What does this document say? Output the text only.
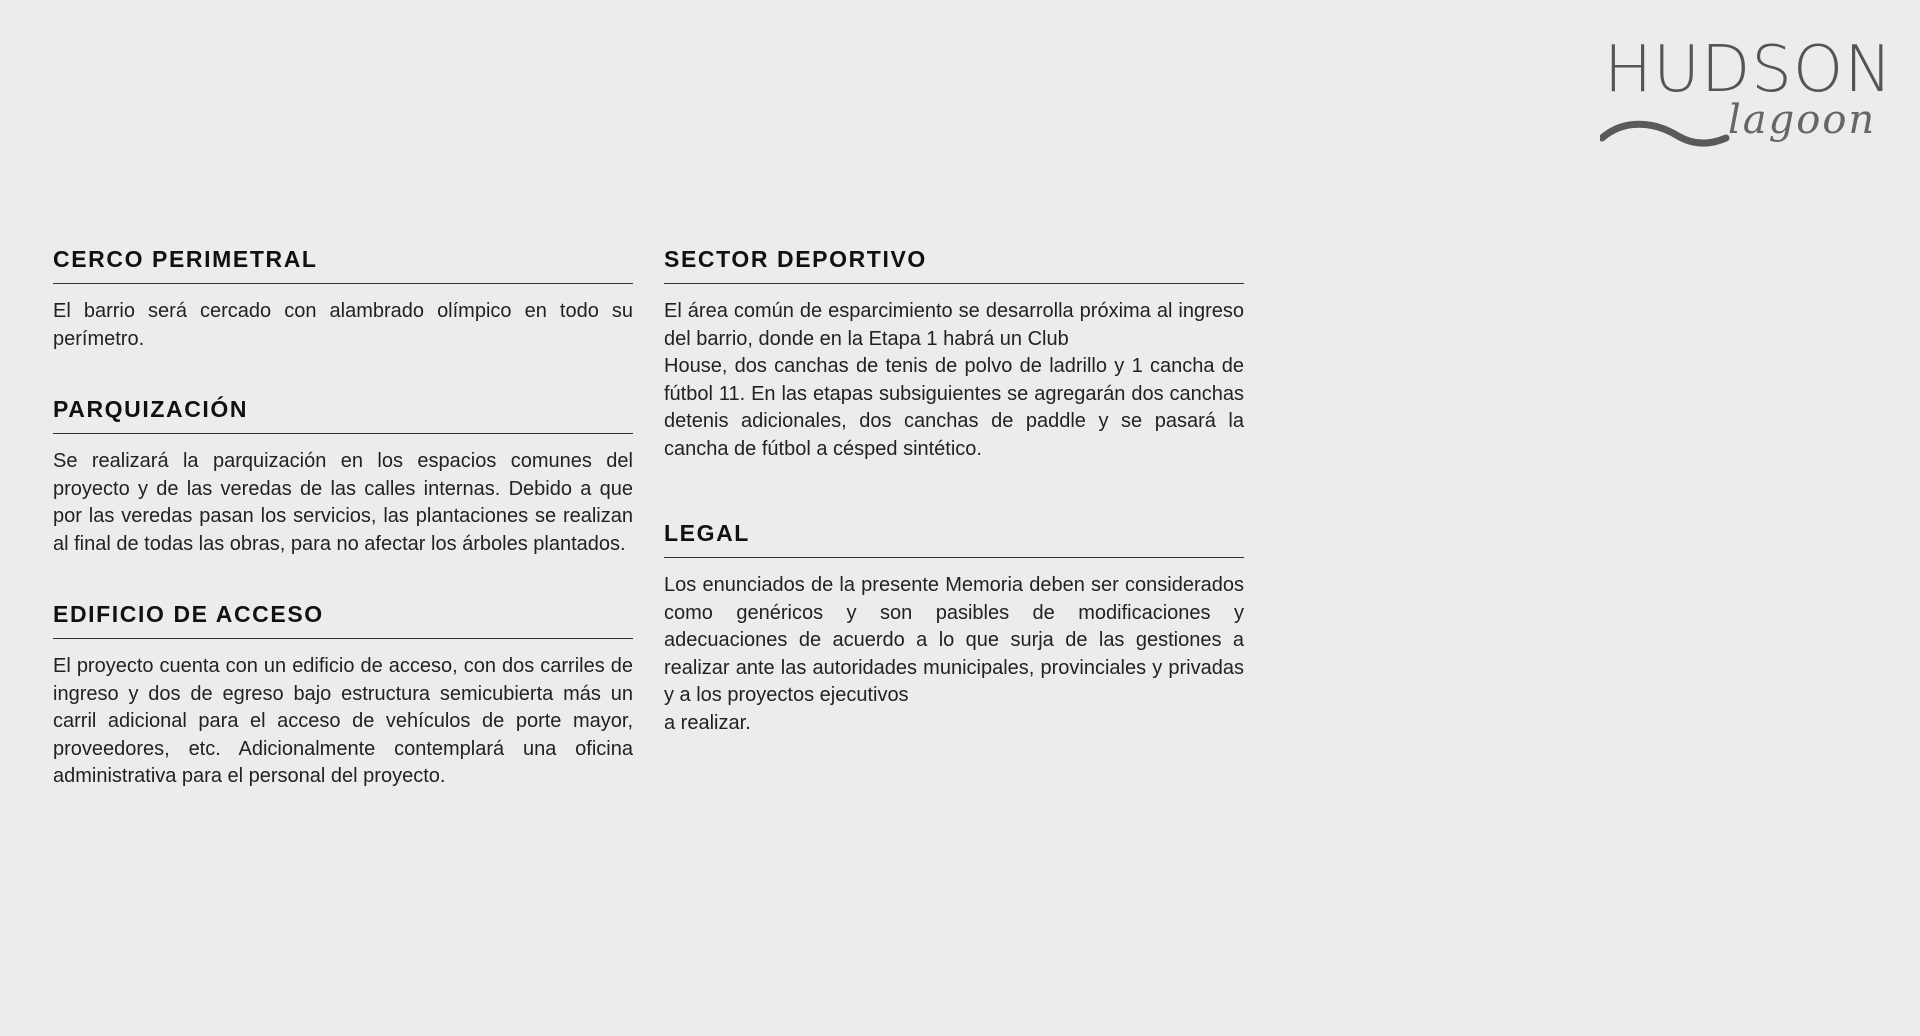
HUDSON
lagoon
CERCO PERIMETRAL

El barrio será cercado con alambrado olímpico en todo su perímetro.

PARQUIZACIÓN

Se realizará la parquización en los espacios comunes del proyecto y de las veredas de las calles internas. Debido a que por las veredas pasan los servicios, las plantaciones se realizan al final de todas las obras, para no afectar los árboles plantados.

EDIFICIO DE ACCESO

El proyecto cuenta con un edificio de acceso, con dos carriles de ingreso y dos de egreso bajo estructura semicubierta más un carril adicional para el acceso de vehículos de porte mayor, proveedores, etc. Adicionalmente contemplará una oficina administrativa para el personal del proyecto.

SECTOR DEPORTIVO

El área común de esparcimiento se desarrolla próxima al ingreso del barrio, donde en la Etapa 1 habrá un Club
House, dos canchas de tenis de polvo de ladrillo y 1 cancha de fútbol 11. En las etapas subsiguientes se agregarán dos canchas detenis adicionales, dos canchas de paddle y se pasará la cancha de fútbol a césped sintético.

LEGAL

Los enunciados de la presente Memoria deben ser considerados como genéricos y son pasibles de modificaciones y adecuaciones de acuerdo a lo que surja de las gestiones a realizar ante las autoridades municipales, provinciales y privadas y a los proyectos ejecutivos
a realizar.
